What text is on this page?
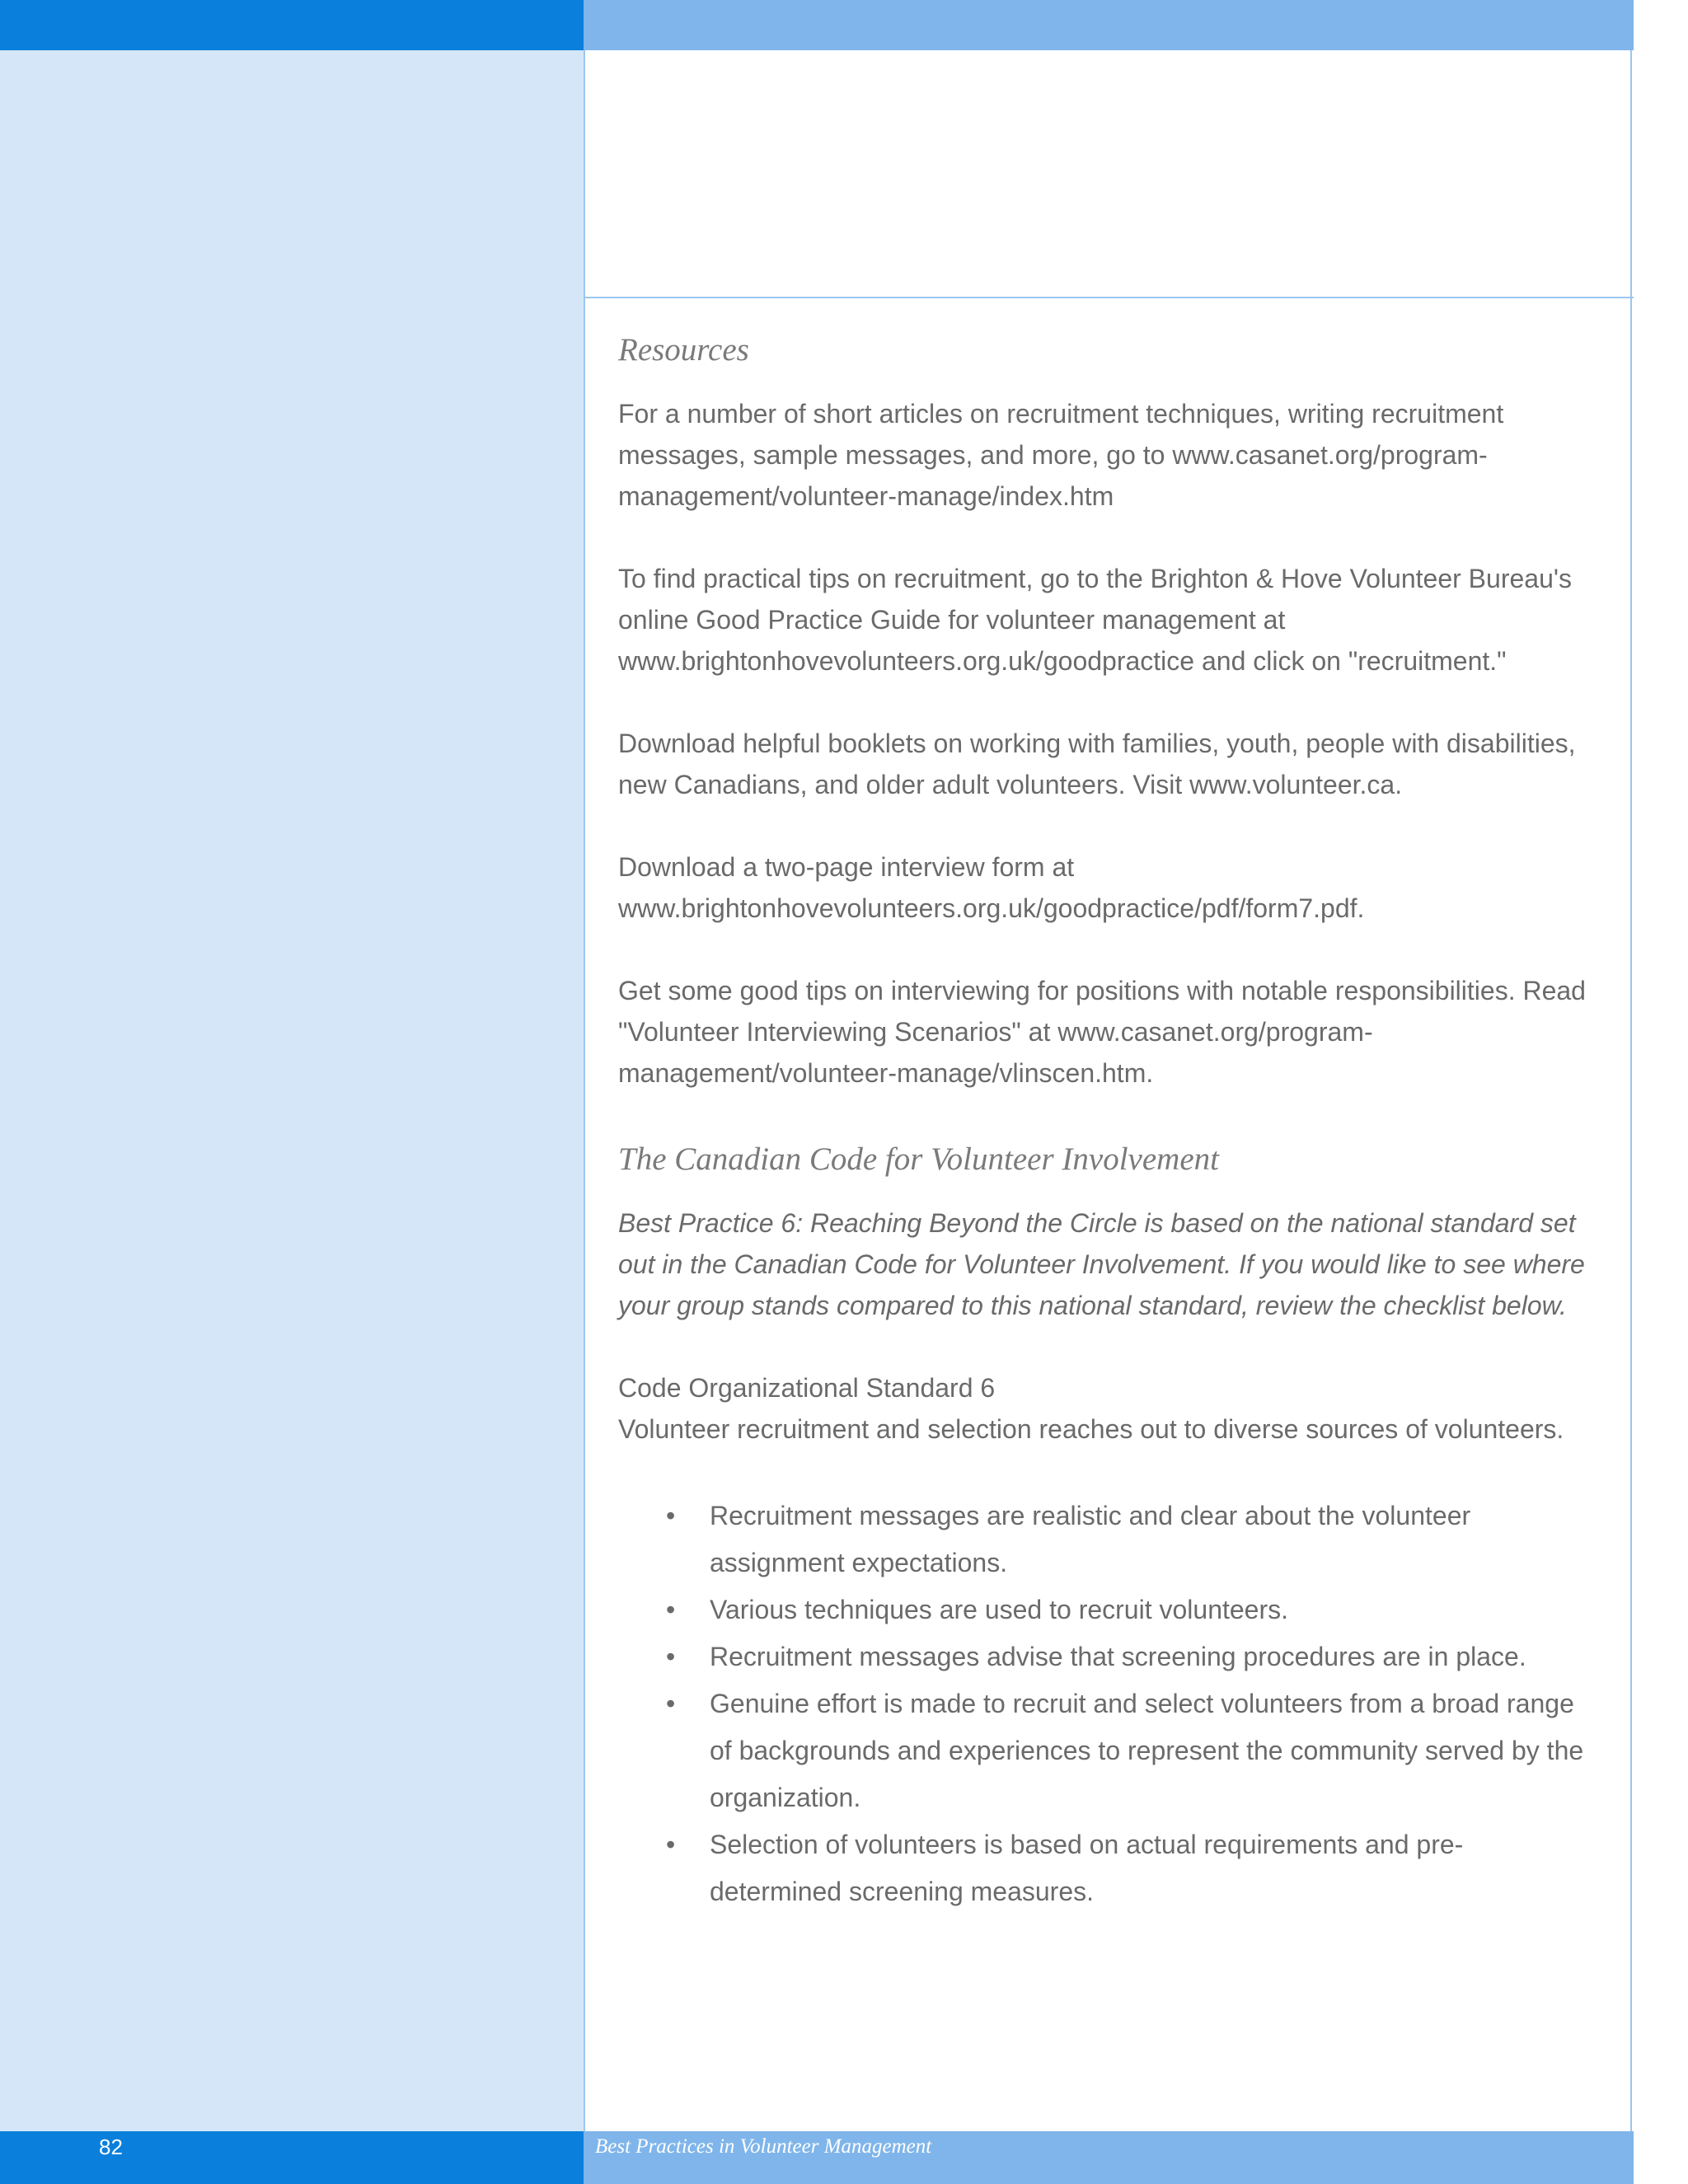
Resources

For a number of short articles on recruitment techniques, writing recruitment messages, sample messages, and more, go to www.casanet.org/program-management/volunteer-manage/index.htm

To find practical tips on recruitment, go to the Brighton & Hove Volunteer Bureau's online Good Practice Guide for volunteer management at www.brightonhovevolunteers.org.uk/goodpractice and click on "recruitment."

Download helpful booklets on working with families, youth, people with disabilities, new Canadians, and older adult volunteers. Visit www.volunteer.ca.

Download a two-page interview form at www.brightonhovevolunteers.org.uk/goodpractice/pdf/form7.pdf.

Get some good tips on interviewing for positions with notable responsibilities. Read "Volunteer Interviewing Scenarios" at www.casanet.org/program-management/volunteer-manage/vlinscen.htm.

The Canadian Code for Volunteer Involvement

Best Practice 6: Reaching Beyond the Circle is based on the national standard set out in the Canadian Code for Volunteer Involvement. If you would like to see where your group stands compared to this national standard, review the checklist below.

Code Organizational Standard 6

Volunteer recruitment and selection reaches out to diverse sources of volunteers.

• Recruitment messages are realistic and clear about the volunteer assignment expectations.
• Various techniques are used to recruit volunteers.
• Recruitment messages advise that screening procedures are in place.
• Genuine effort is made to recruit and select volunteers from a broad range of backgrounds and experiences to represent the community served by the organization.
• Selection of volunteers is based on actual requirements and pre-determined screening measures.
82	Best Practices in Volunteer Management
